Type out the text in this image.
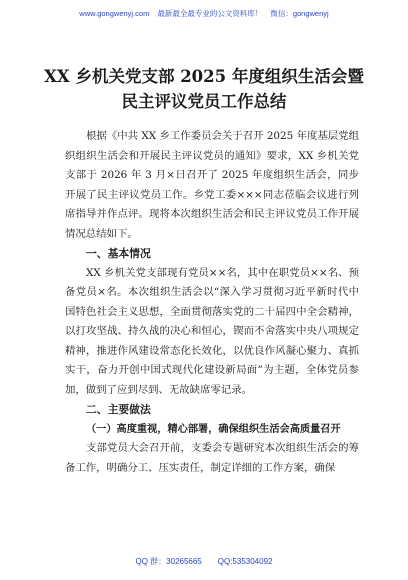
www.gongwenyj.com 最新最全最专业的公文资料库！ 微信：gongwenyj
XX 乡机关党支部 2025 年度组织生活会暨
民主评议党员工作总结

根据《中共 XX 乡工作委员会关于召开 2025 年度基层党组织组织生活会和开展民主评议党员的通知》要求，XX 乡机关党支部于 2026 年 3 月×日召开了 2025 年度组织生活会，同步开展了民主评议党员工作。乡党工委×××同志莅临会议进行列席指导并作点评。现将本次组织生活会和民主评议党员工作开展情况总结如下。

一、基本情况

XX 乡机关党支部现有党员××名，其中在职党员××名、预备党员×名。本次组织生活会以“深入学习贯彻习近平新时代中国特色社会主义思想，全面贯彻落实党的二十届四中全会精神，以打攻坚战、持久战的决心和恒心，锲而不舍落实中央八项规定精神，推进作风建设常态化长效化，以优良作风凝心聚力、真抓实干，奋力开创中国式现代化建设新局面”为主题，全体党员参加，做到了应到尽到、无故缺席零记录。

二、主要做法

（一）高度重视，精心部署，确保组织生活会高质量召开

支部党员大会召开前，支委会专题研究本次组织生活会的筹备工作，明确分工、压实责任，制定详细的工作方案，确保

QQ 群：30265665 QQ:535304092
